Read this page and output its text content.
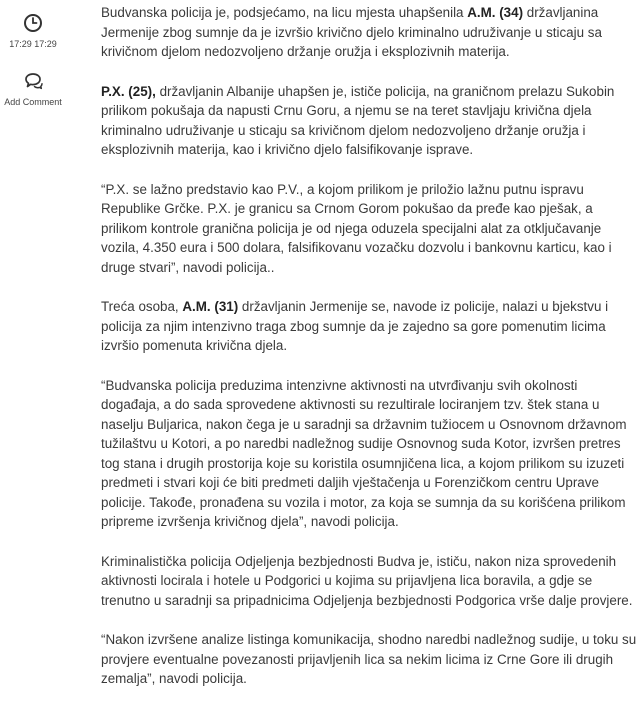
17:29 17:29
Add Comment

Budvanska policija je, podsjećamo, na licu mjesta uhapšenila A.M. (34) državljanina Jermenije zbog sumnje da je izvršio krivično djelo kriminalno udruživanje u sticaju sa krivičnom djelom nedozvoljeno držanje oružja i eksplozivnih materija.

P.X. (25), državljanin Albanije uhapšen je, ističe policija, na graničnom prelazu Sukobin prilikom pokušaja da napusti Crnu Goru, a njemu se na teret stavljaju krivična djela kriminalno udruživanje u sticaju sa krivičnom djelom nedozvoljeno držanje oružja i eksplozivnih materija, kao i krivično djelo falsifikovanje isprave.

“P.X. se lažno predstavio kao P.V., a kojom prilikom je priložio lažnu putnu ispravu Republike Grčke. P.X. je granicu sa Crnom Gorom pokušao da pređe kao pješak, a prilikom kontrole granična policija je od njega oduzela specijalni alat za otključavanje vozila, 4.350 eura i 500 dolara, falsifikovanu vozačku dozvolu i bankovnu karticu, kao i druge stvari”, navodi policija..

Treća osoba, A.M. (31) državljanin Jermenije se, navode iz policije, nalazi u bjekstvu i policija za njim intenzivno traga zbog sumnje da je zajedno sa gore pomenutim licima izvršio pomenuta krivična djela.

“Budvanska policija preduzima intenzivne aktivnosti na utvrđivanju svih okolnosti događaja, a do sada sprovedene aktivnosti su rezultirale lociranjem tzv. štek stana u naselju Buljarica, nakon čega je u saradnji sa državnim tužiocem u Osnovnom državnom tužilaštvu u Kotori, a po naredbi nadležnog sudije Osnovnog suda Kotor, izvršen pretres tog stana i drugih prostorija koje su koristila osumnjičena lica, a kojom prilikom su izuzeti predmeti i stvari koji će biti predmeti daljih vještačenja u Forenzičkom centru Uprave policije. Takođe, pronađena su vozila i motor, za koja se sumnja da su korišćena prilikom pripreme izvršenja krivičnog djela”, navodi policija.

Kriminalistička policija Odjeljenja bezbjednosti Budva je, ističu, nakon niza sprovedenih aktivnosti locirala i hotele u Podgorici u kojima su prijavljena lica boravila, a gdje se trenutno u saradnji sa pripadnicima Odjeljenja bezbjednosti Podgorica vrše dalje provjere.

“Nakon izvršene analize listinga komunikacija, shodno naredbi nadležnog sudije, u toku su provjere eventualne povezanosti prijavljenih lica sa nekim licima iz Crne Gore ili drugih zemalja”, navodi policija.
